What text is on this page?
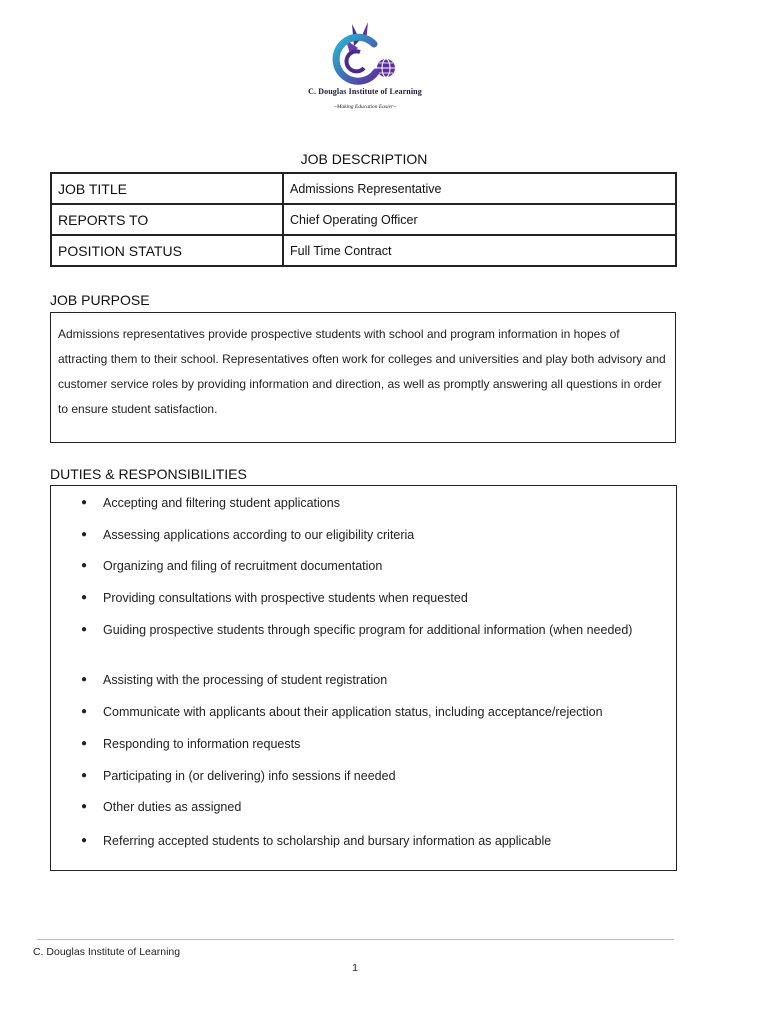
C. Douglas Institute of Learning
~Making Education Easier~
JOB DESCRIPTION
JOB TITLE	Admissions Representative
REPORTS TO	Chief Operating Officer
POSITION STATUS	Full Time Contract
JOB PURPOSE
Admissions representatives provide prospective students with school and program information in hopes of attracting them to their school. Representatives often work for colleges and universities and play both advisory and customer service roles by providing information and direction, as well as promptly answering all questions in order to ensure student satisfaction.
DUTIES & RESPONSIBILITIES
●	Accepting and filtering student applications
●	Assessing applications according to our eligibility criteria
●	Organizing and filing of recruitment documentation
●	Providing consultations with prospective students when requested
●	Guiding prospective students through specific program for additional information (when needed)
●	Assisting with the processing of student registration
●	Communicate with applicants about their application status, including acceptance/rejection
●	Responding to information requests
●	Participating in (or delivering) info sessions if needed
●	Other duties as assigned
●	Referring accepted students to scholarship and bursary information as applicable
C. Douglas Institute of Learning
1
